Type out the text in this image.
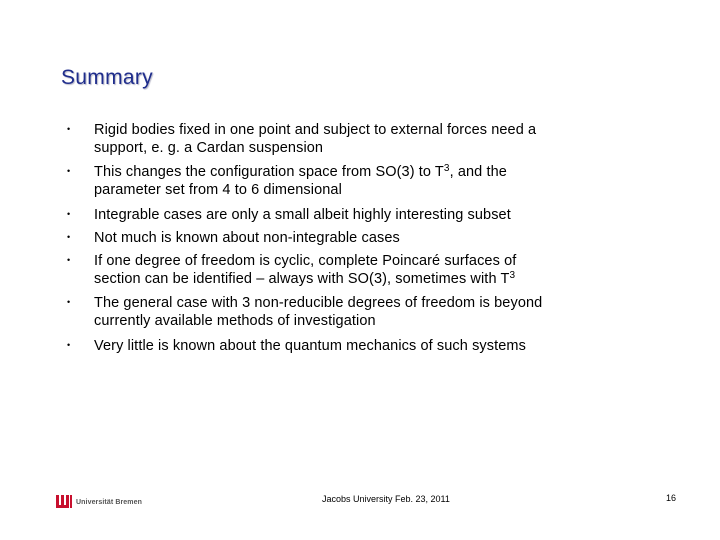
Summary
• Rigid bodies fixed in one point and subject to external forces need a
support, e. g. a Cardan suspension
• This changes the configuration space from SO(3) to $T^3$, and the
parameter set from 4 to 6 dimensional
• Integrable cases are only a small albeit highly interesting subset
• Not much is known about non-integrable cases
• If one degree of freedom is cyclic, complete Poincaré surfaces of
section can be identified – always with SO(3), sometimes with $T^3$
• The general case with 3 non-reducible degrees of freedom is beyond
currently available methods of investigation
• Very little is known about the quantum mechanics of such systems
Universität Bremen	Jacobs University Feb. 23, 2011	16
